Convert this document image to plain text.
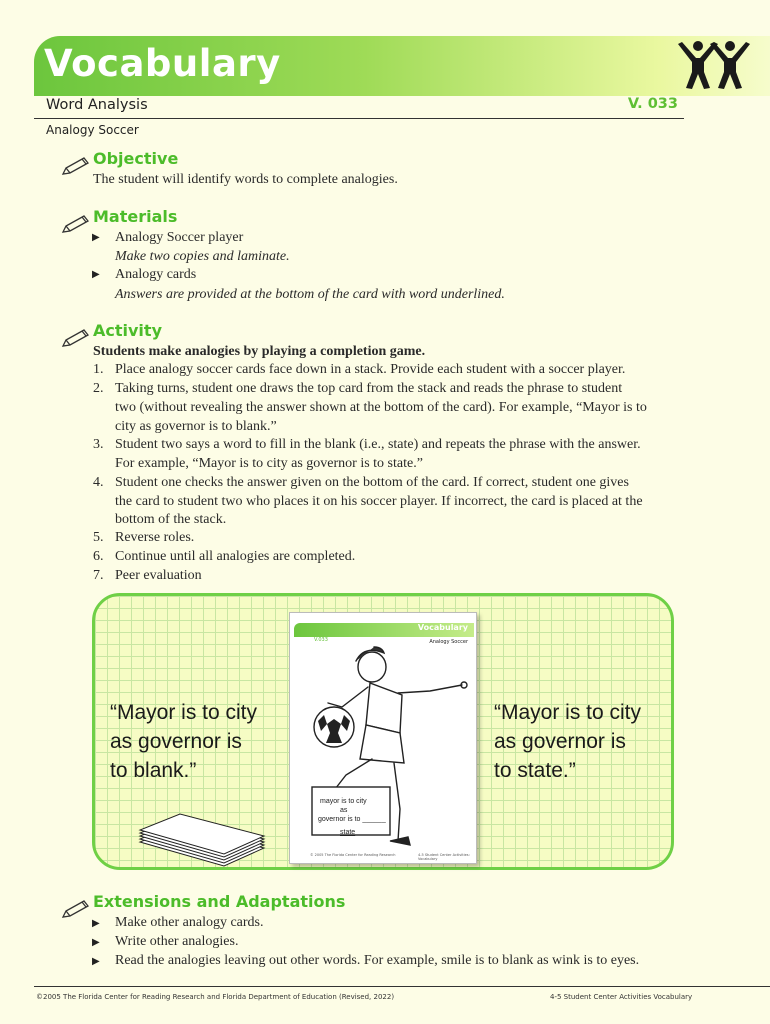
Vocabulary
Word Analysis	V. 033
Analogy Soccer
Objective
The student will identify words to complete analogies.
Materials
▶ Analogy Soccer player
Make two copies and laminate.
▶ Analogy cards
Answers are provided at the bottom of the card with word underlined.
Activity
Students make analogies by playing a completion game.
1. Place analogy soccer cards face down in a stack. Provide each student with a soccer player.
2. Taking turns, student one draws the top card from the stack and reads the phrase to student
two (without revealing the answer shown at the bottom of the card). For example, “Mayor is to
city as governor is to blank.”
3. Student two says a word to fill in the blank (i.e., state) and repeats the phrase with the answer.
For example, “Mayor is to city as governor is to state.”
4. Student one checks the answer given on the bottom of the card. If correct, student one gives
the card to student two who places it on his soccer player. If incorrect, the card is placed at the
bottom of the stack.
5. Reverse roles.
6. Continue until all analogies are completed.
7. Peer evaluation
“Mayor is to city
as governor is
to blank.”
“Mayor is to city
as governor is
to state.”
Vocabulary
V.033	Analogy Soccer
mayor is to city
as
governor is to ______
state
© 2005 The Florida Center for Reading Research	4-5 Student Center Activities: Vocabulary
Extensions and Adaptations
▶ Make other analogy cards.
▶ Write other analogies.
▶ Read the analogies leaving out other words. For example, smile is to blank as wink is to eyes.
©2005 The Florida Center for Reading Research and Florida Department of Education (Revised, 2022)	4-5 Student Center Activities Vocabulary
